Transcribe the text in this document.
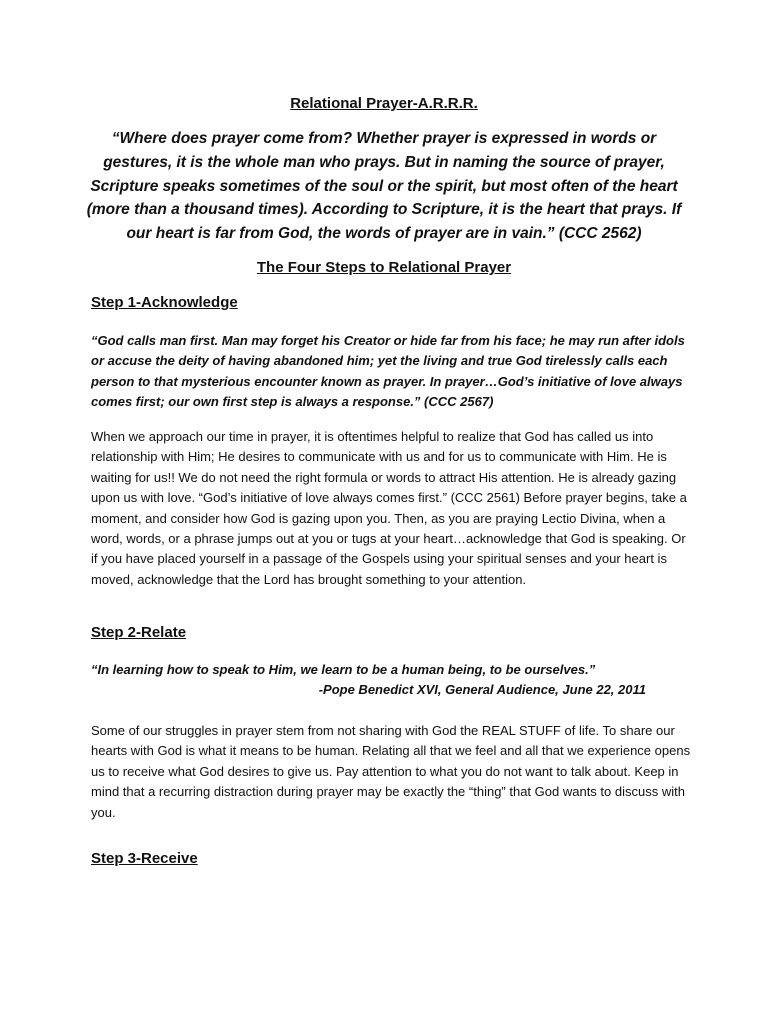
Relational Prayer-A.R.R.R.

“Where does prayer come from? Whether prayer is expressed in words or gestures, it is the whole man who prays. But in naming the source of prayer, Scripture speaks sometimes of the soul or the spirit, but most often of the heart (more than a thousand times). According to Scripture, it is the heart that prays. If our heart is far from God, the words of prayer are in vain.” (CCC 2562)

The Four Steps to Relational Prayer
Step 1-Acknowledge

“God calls man first. Man may forget his Creator or hide far from his face; he may run after idols or accuse the deity of having abandoned him; yet the living and true God tirelessly calls each person to that mysterious encounter known as prayer. In prayer…God’s initiative of love always comes first; our own first step is always a response.” (CCC 2567)

When we approach our time in prayer, it is oftentimes helpful to realize that God has called us into relationship with Him; He desires to communicate with us and for us to communicate with Him. He is waiting for us!! We do not need the right formula or words to attract His attention. He is already gazing upon us with love. “God’s initiative of love always comes first.” (CCC 2561) Before prayer begins, take a moment, and consider how God is gazing upon you. Then, as you are praying Lectio Divina, when a word, words, or a phrase jumps out at you or tugs at your heart…acknowledge that God is speaking. Or if you have placed yourself in a passage of the Gospels using your spiritual senses and your heart is moved, acknowledge that the Lord has brought something to your attention.

Step 2-Relate

“In learning how to speak to Him, we learn to be a human being, to be ourselves.”

-Pope Benedict XVI, General Audience, June 22, 2011

Some of our struggles in prayer stem from not sharing with God the REAL STUFF of life. To share our hearts with God is what it means to be human. Relating all that we feel and all that we experience opens us to receive what God desires to give us. Pay attention to what you do not want to talk about. Keep in mind that a recurring distraction during prayer may be exactly the “thing” that God wants to discuss with you.

Step 3-Receive
